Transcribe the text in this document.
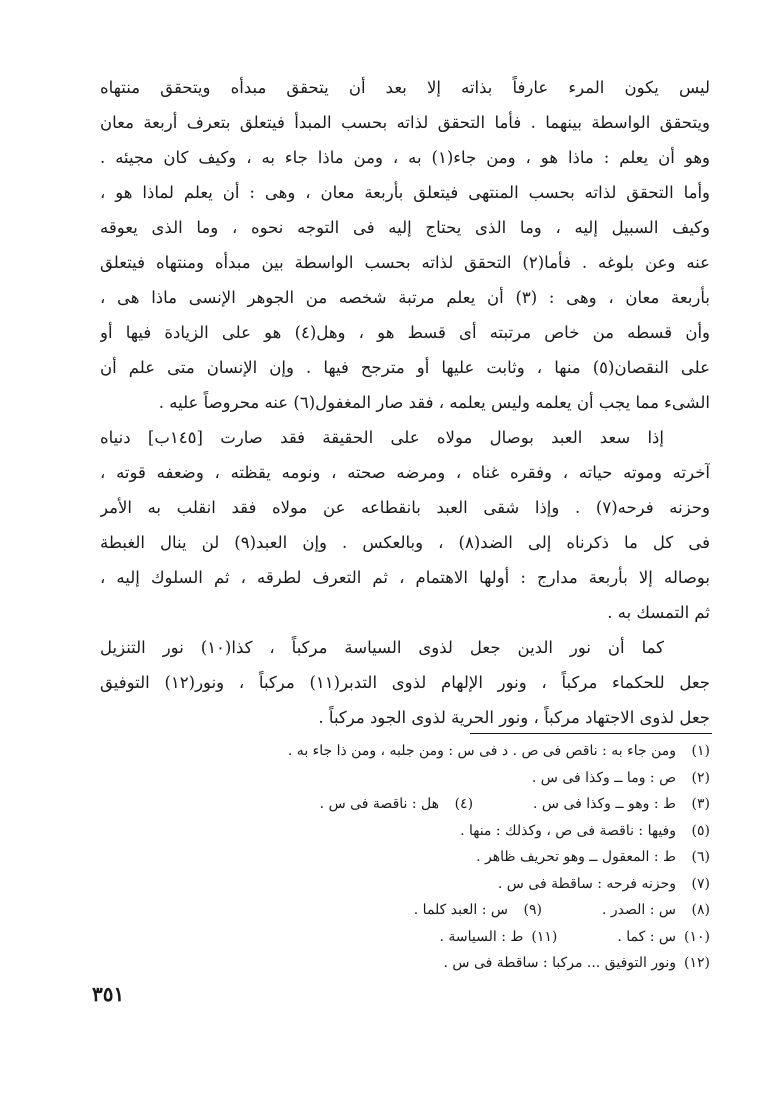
ليس يكون المرء عارفاً بذاته إلا بعد أن يتحقق مبدأه ويتحقق منتهاه
ويتحقق الواسطة بينهما . فأما التحقق لذاته بحسب المبدأ فيتعلق بتعرف أربعة معان
وهو أن يعلم : ماذا هو ، ومن جاء(١) به ، ومن ماذا جاء به ، وكيف كان مجيئه .
وأما التحقق لذاته بحسب المنتهى فيتعلق بأربعة معان ، وهى : أن يعلم لماذا هو ،
وكيف السبيل إليه ، وما الذى يحتاج إليه فى التوجه نحوه ، وما الذى يعوقه
عنه وعن بلوغه . فأما(٢) التحقق لذاته بحسب الواسطة بين مبدأه ومنتهاه فيتعلق
بأربعة معان ، وهى : (٣) أن يعلم مرتبة شخصه من الجوهر الإنسى ماذا هى ،
وأن قسطه من خاص مرتبته أى قسط هو ، وهل(٤) هو على الزيادة فيها أو
على النقصان(٥) منها ، وثابت عليها أو مترجح فيها . وإن الإنسان متى علم أن
الشىء مما يجب أن يعلمه وليس يعلمه ، فقد صار المغفول(٦) عنه محروصاً عليه .
إذا سعد العبد بوصال مولاه على الحقيقة فقد صارت [١٤٥ب] دنياه
آخرته وموته حياته ، وفقره غناه ، ومرضه صحته ، ونومه يقظته ، وضعفه قوته ،
وحزنه فرحه(٧) . وإذا شقى العبد بانقطاعه عن مولاه فقد انقلب به الأمر
فى كل ما ذكرناه إلى الضد(٨) ، وبالعكس . وإن العبد(٩) لن ينال الغبطة
بوصاله إلا بأربعة مدارج : أولها الاهتمام ، ثم التعرف لطرقه ، ثم السلوك إليه ،
ثم التمسك به .
كما أن نور الدين جعل لذوى السياسة مركباً ، كذا(١٠) نور التنزيل
جعل للحكماء مركباً ، ونور الإلهام لذوى التدبر(١١) مركباً ، ونور(١٢) التوفيق
جعل لذوى الاجتهاد مركباً ، ونور الحرية لذوى الجود مركباً .
(١)
ومن جاء به : ناقص فى ص . د فى س : ومن جلبه ، ومن ذا جاء به .
(٢)
ص : وما ــ وكذا فى س .
(٣)
ط : وهو ــ وكذا فى س .
(٤)
هل : ناقصة فى س .
(٥)
وفيها : ناقصة فى ص ، وكذلك : منها .
(٦)
ط : المعقول ــ وهو تحريف ظاهر .
(٧)
وحزنه فرحه : ساقطة فى س .
(٨)
س : الصدر .
(٩)
س : العبد كلما .
(١٠)
س : كما .
(١١)
ط : السياسة .
(١٢)
ونور التوفيق ... مركبا : ساقطة فى س .
٣٥١
